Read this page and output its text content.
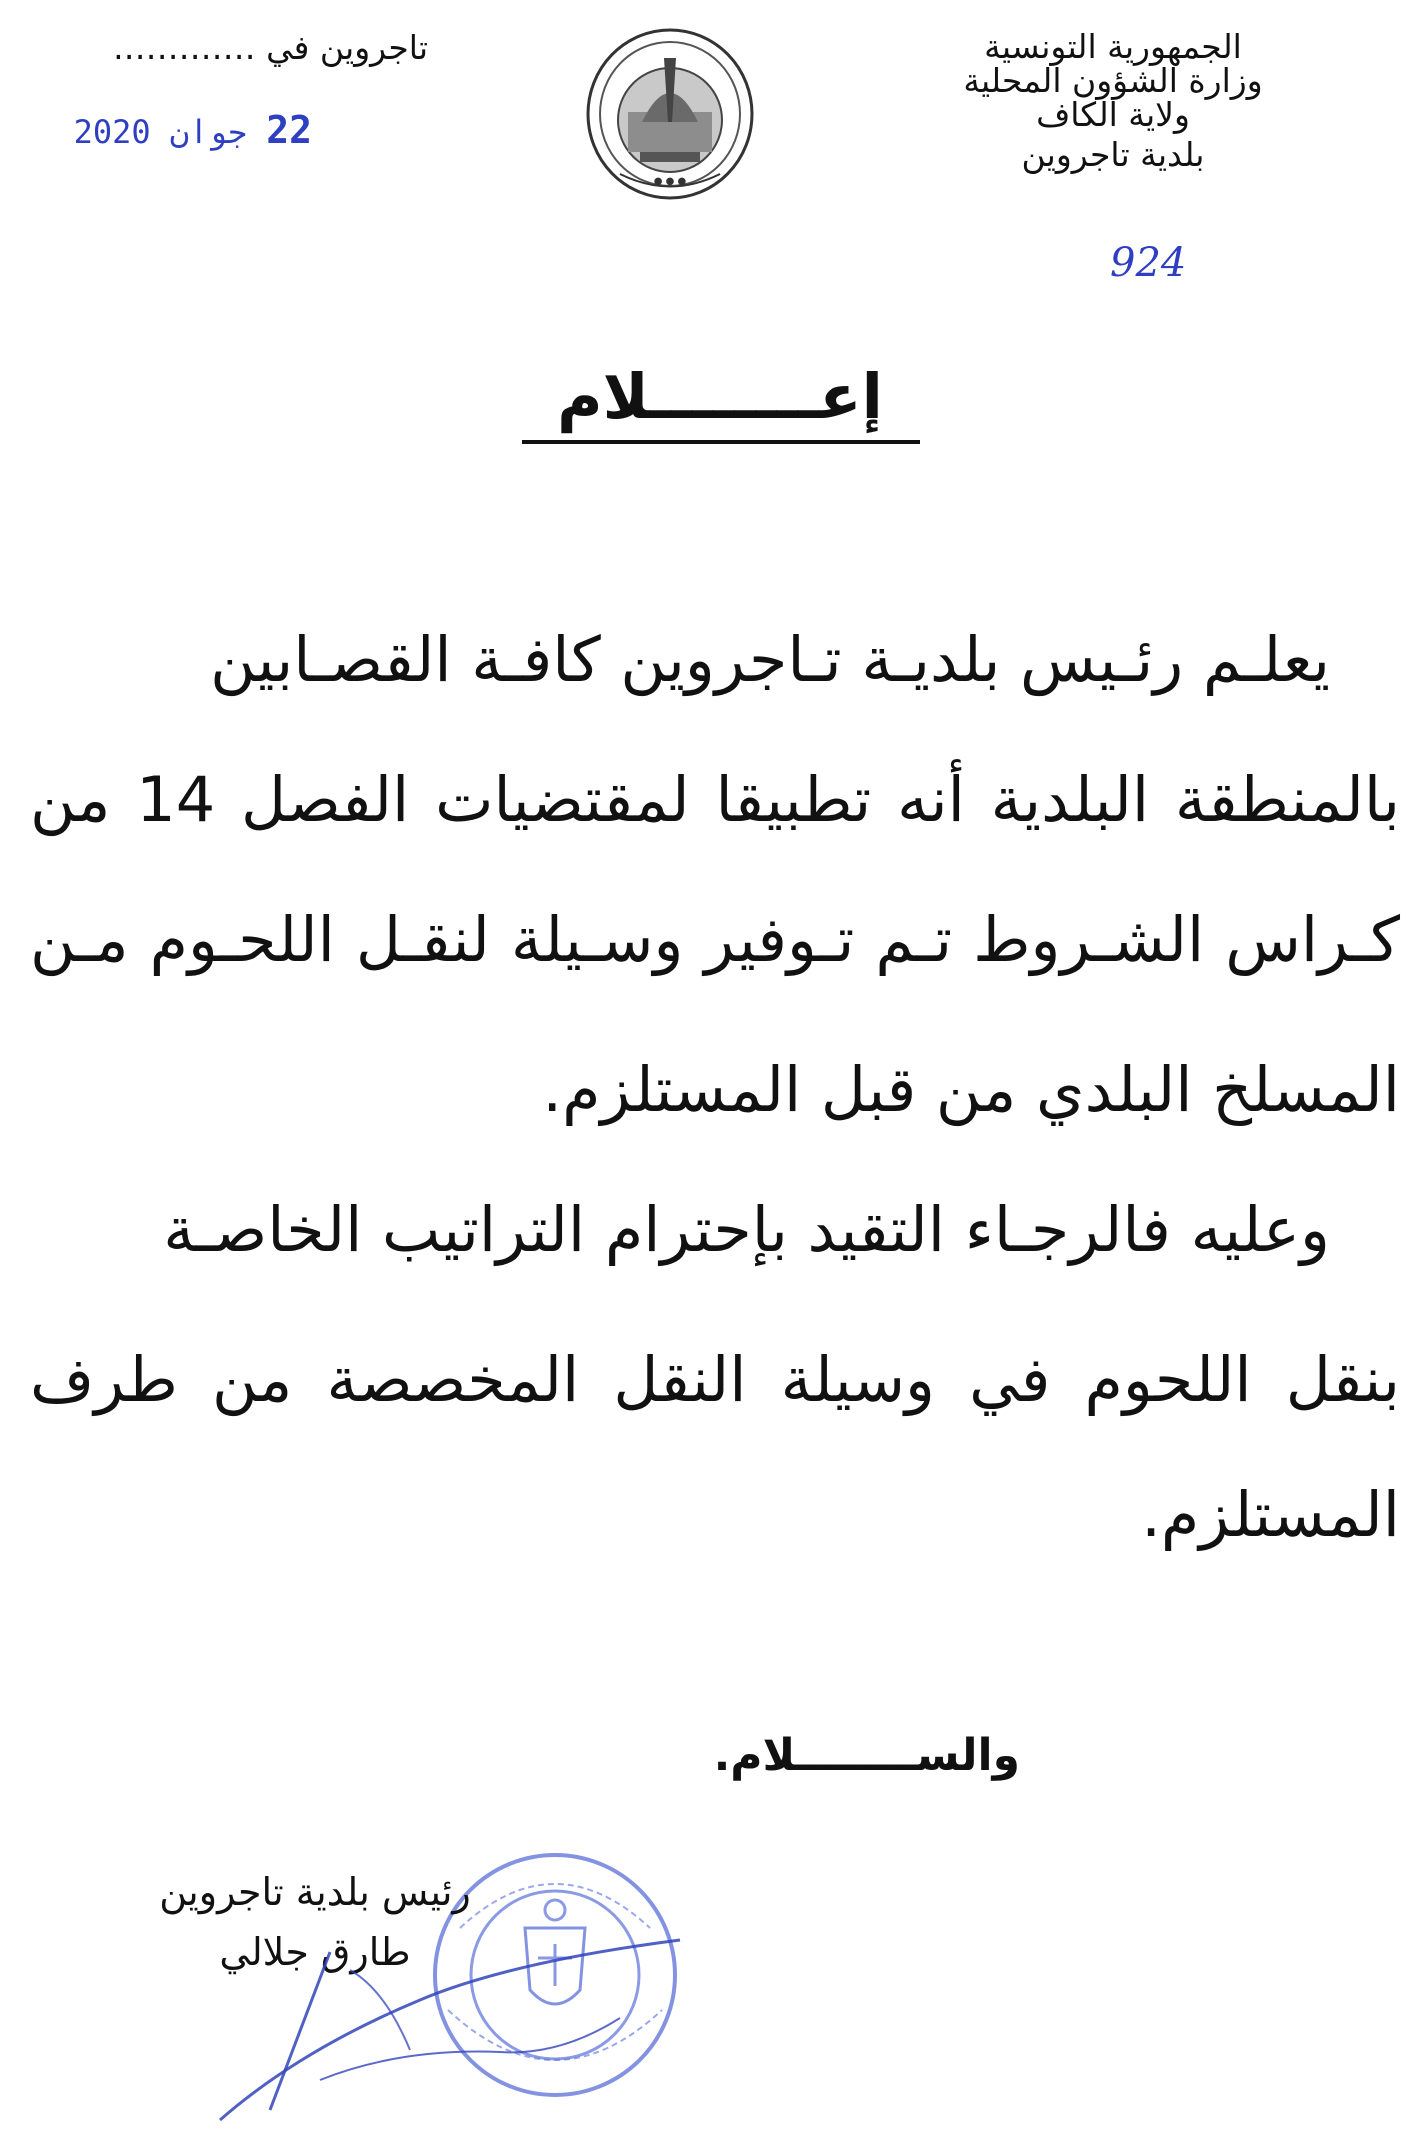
الجمهورية التونسية
وزارة الشؤون المحلية
ولاية الكاف
بلدية تاجروين
تاجروين في ………….
22 جوان 2020
924
● ● ●
إعــــــــلام
يعلـم رئـيس بلديـة تـاجروين كافـة القصـابين
بالمنطقة البلدية أنه تطبيقا لمقتضيات الفصل 14 من
كـراس الشـروط تـم تـوفير وسـيلة لنقـل اللحـوم مـن
المسلخ البلدي من قبل المستلزم.
وعليه فالرجـاء التقيد بإحترام التراتيب الخاصـة
بنقل اللحوم في وسيلة النقل المخصصة من طرف
المستلزم.
والســــــــلام.
رئيس بلدية تاجروين
طارق جلالي
